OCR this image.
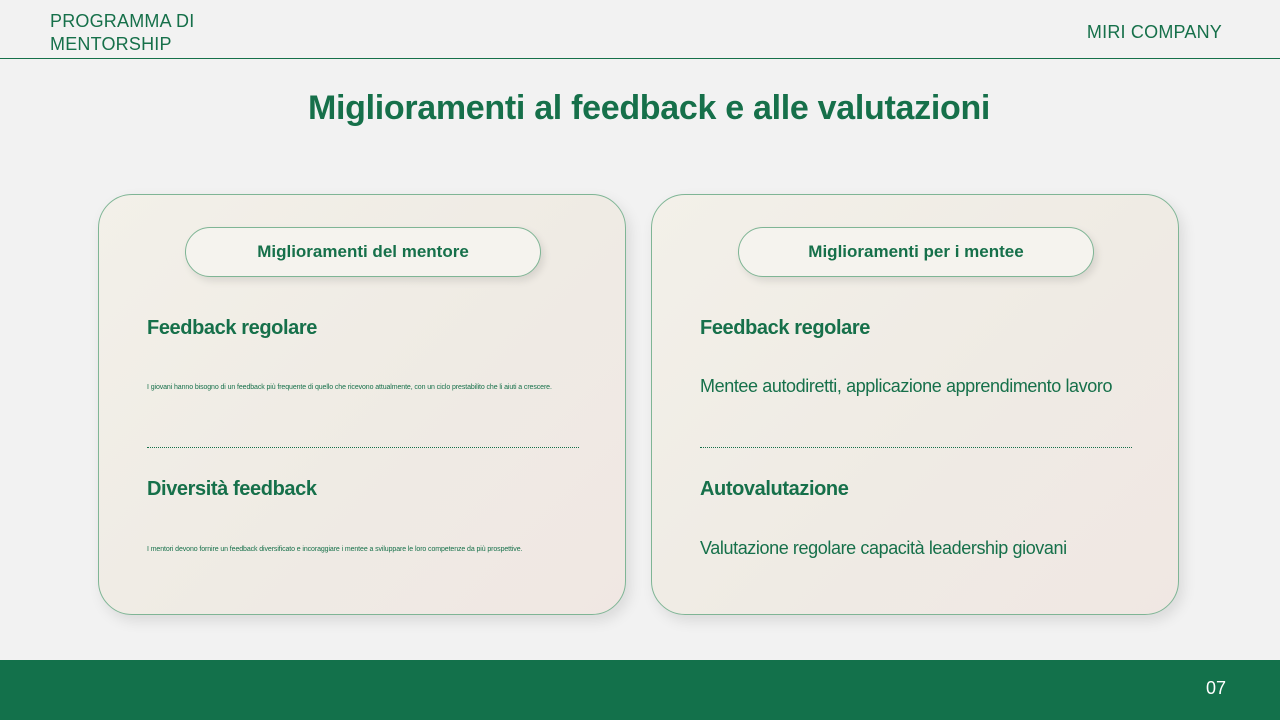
PROGRAMMA DI MENTORSHIP
MIRI COMPANY
Miglioramenti al feedback e alle valutazioni
Miglioramenti del mentore
Feedback regolare
I giovani hanno bisogno di un feedback più frequente di quello che ricevono attualmente, con un ciclo prestabilito che li aiuti a crescere.
Diversità feedback
I mentori devono fornire un feedback diversificato e incoraggiare i mentee a sviluppare le loro competenze da più prospettive.
Miglioramenti per i mentee
Feedback regolare
Mentee autodiretti, applicazione apprendimento lavoro
Autovalutazione
Valutazione regolare capacità leadership giovani
07
